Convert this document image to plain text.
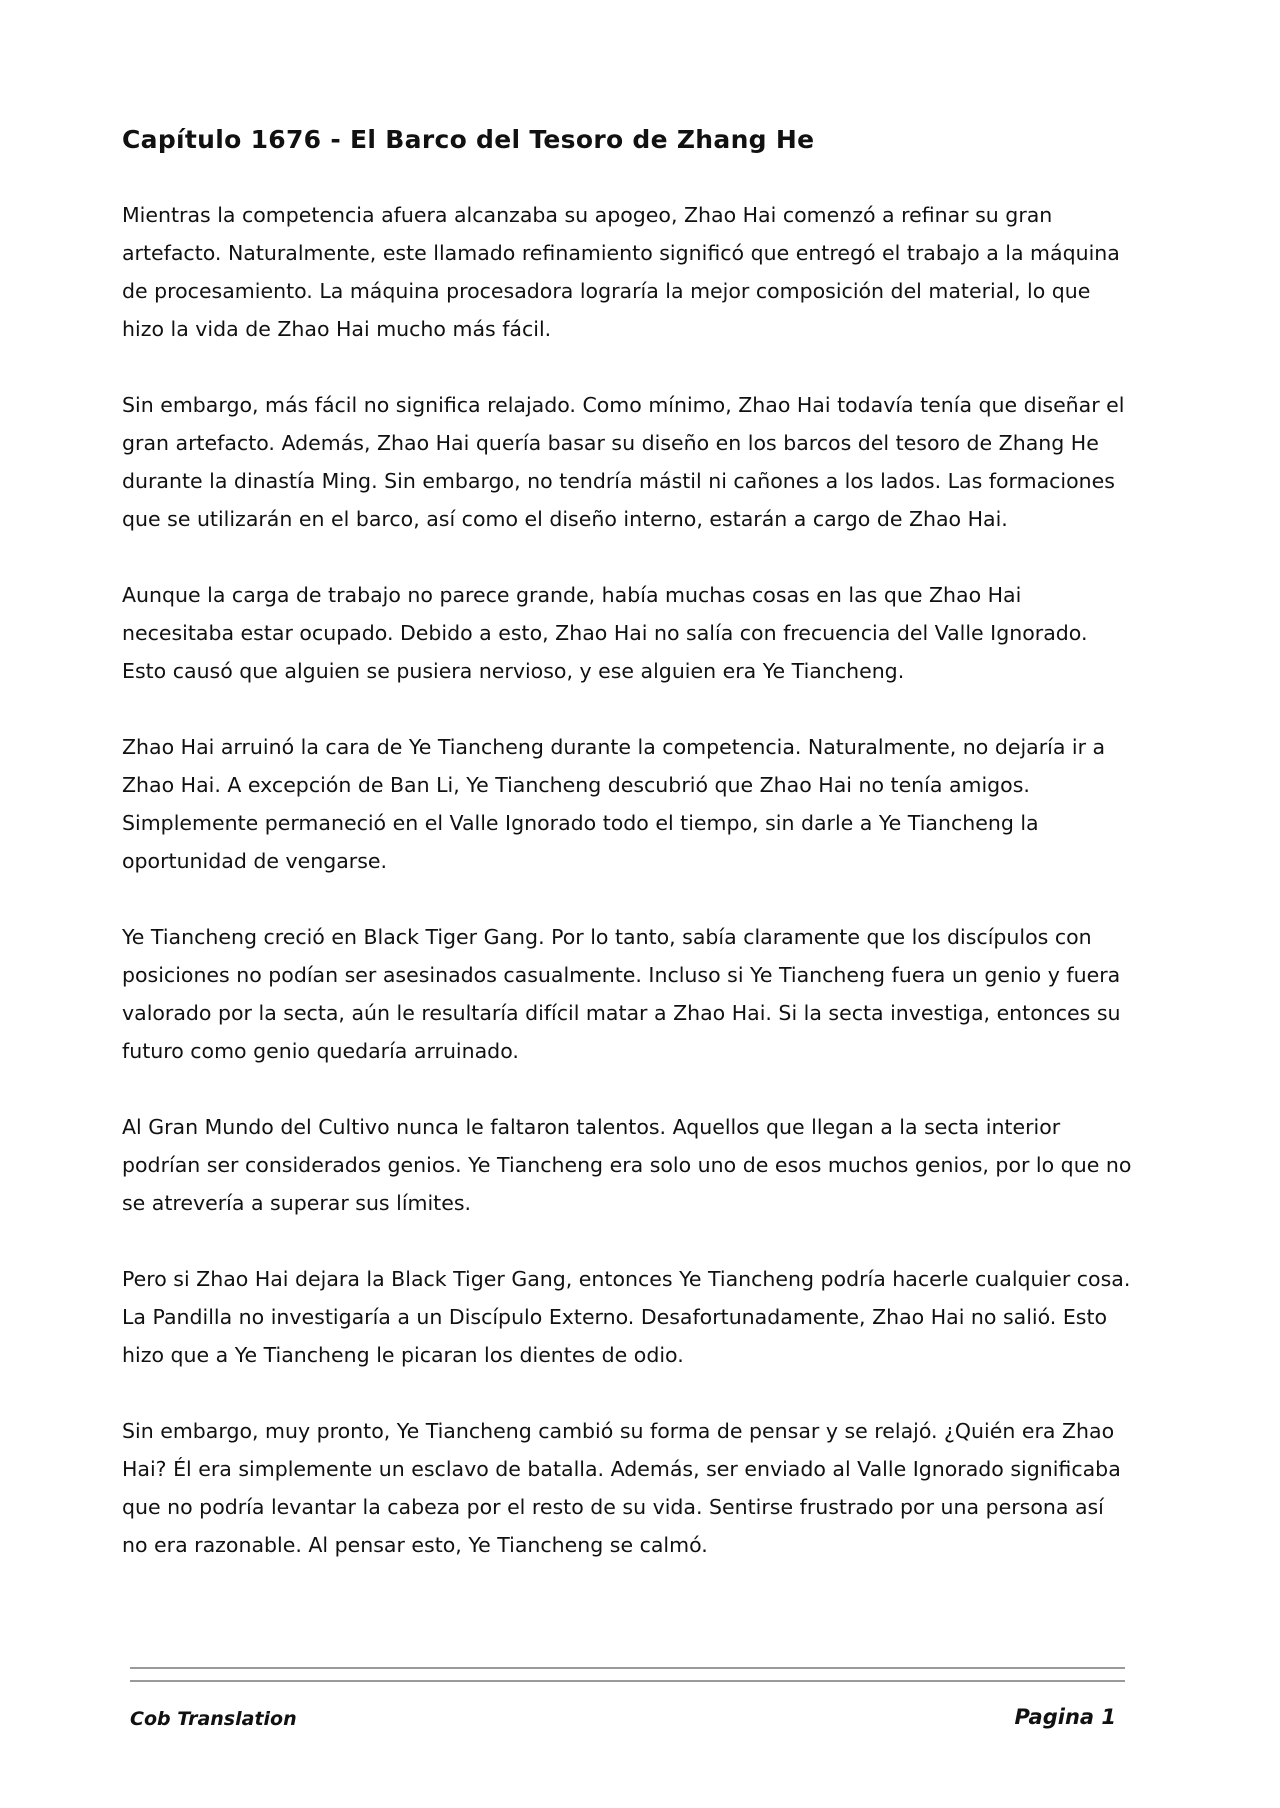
Capítulo 1676 - El Barco del Tesoro de Zhang He

Mientras la competencia afuera alcanzaba su apogeo, Zhao Hai comenzó a refinar su gran artefacto. Naturalmente, este llamado refinamiento significó que entregó el trabajo a la máquina de procesamiento. La máquina procesadora lograría la mejor composición del material, lo que hizo la vida de Zhao Hai mucho más fácil.

Sin embargo, más fácil no significa relajado. Como mínimo, Zhao Hai todavía tenía que diseñar el gran artefacto. Además, Zhao Hai quería basar su diseño en los barcos del tesoro de Zhang He durante la dinastía Ming. Sin embargo, no tendría mástil ni cañones a los lados. Las formaciones que se utilizarán en el barco, así como el diseño interno, estarán a cargo de Zhao Hai.

Aunque la carga de trabajo no parece grande, había muchas cosas en las que Zhao Hai necesitaba estar ocupado. Debido a esto, Zhao Hai no salía con frecuencia del Valle Ignorado. Esto causó que alguien se pusiera nervioso, y ese alguien era Ye Tiancheng.

Zhao Hai arruinó la cara de Ye Tiancheng durante la competencia. Naturalmente, no dejaría ir a Zhao Hai. A excepción de Ban Li, Ye Tiancheng descubrió que Zhao Hai no tenía amigos. Simplemente permaneció en el Valle Ignorado todo el tiempo, sin darle a Ye Tiancheng la oportunidad de vengarse.

Ye Tiancheng creció en Black Tiger Gang. Por lo tanto, sabía claramente que los discípulos con posiciones no podían ser asesinados casualmente. Incluso si Ye Tiancheng fuera un genio y fuera valorado por la secta, aún le resultaría difícil matar a Zhao Hai. Si la secta investiga, entonces su futuro como genio quedaría arruinado.

Al Gran Mundo del Cultivo nunca le faltaron talentos. Aquellos que llegan a la secta interior podrían ser considerados genios. Ye Tiancheng era solo uno de esos muchos genios, por lo que no se atrevería a superar sus límites.

Pero si Zhao Hai dejara la Black Tiger Gang, entonces Ye Tiancheng podría hacerle cualquier cosa. La Pandilla no investigaría a un Discípulo Externo. Desafortunadamente, Zhao Hai no salió. Esto hizo que a Ye Tiancheng le picaran los dientes de odio.

Sin embargo, muy pronto, Ye Tiancheng cambió su forma de pensar y se relajó. ¿Quién era Zhao Hai? Él era simplemente un esclavo de batalla. Además, ser enviado al Valle Ignorado significaba que no podría levantar la cabeza por el resto de su vida. Sentirse frustrado por una persona así no era razonable. Al pensar esto, Ye Tiancheng se calmó.

Cob Translation	Pagina 1
